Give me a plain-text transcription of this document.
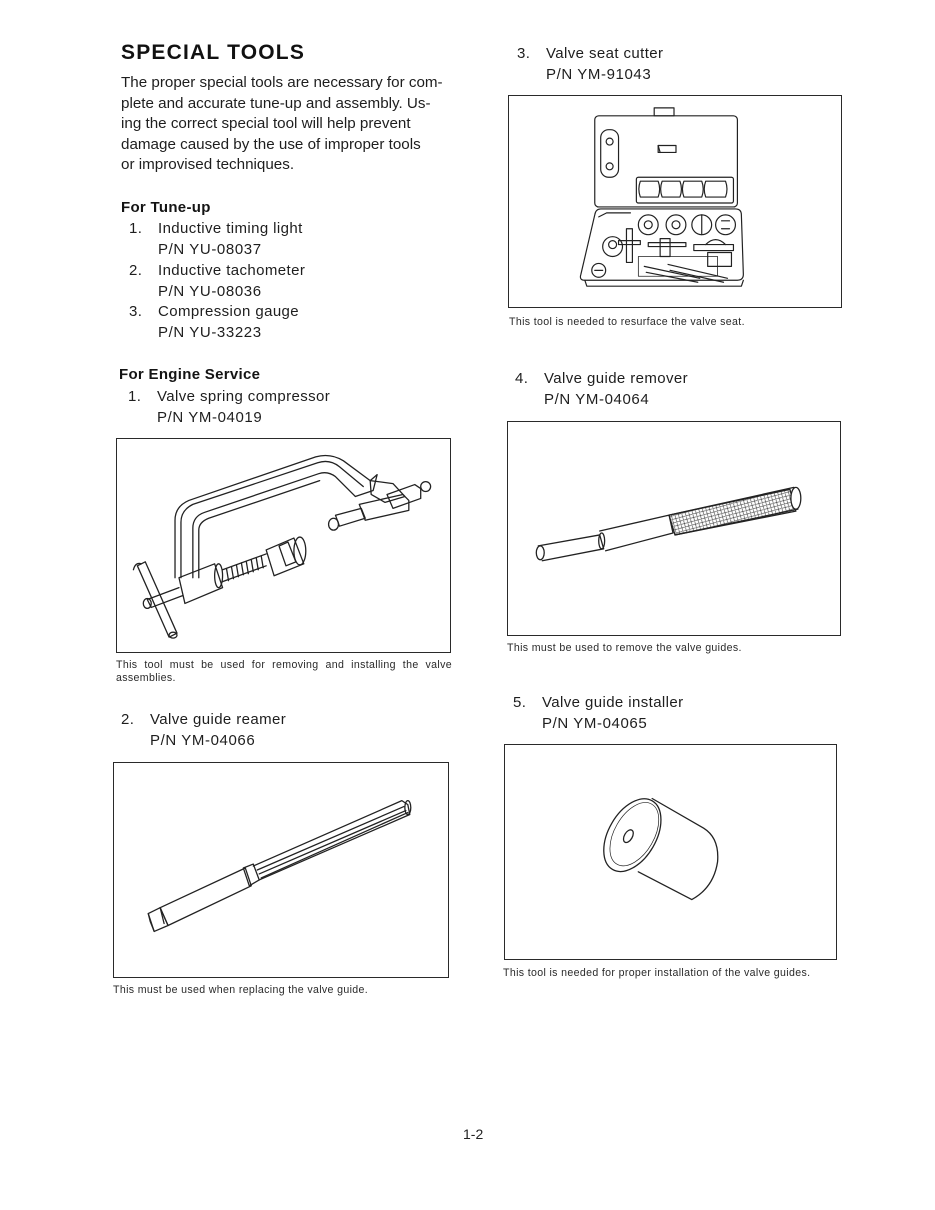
SPECIAL TOOLS
The proper special tools are necessary for com-
plete and accurate tune-up and assembly. Us-
ing the correct special tool will help prevent
damage caused by the use of improper tools
or improvised techniques.
For Tune-up
1. Inductive timing light
P/N YU-08037
2. Inductive tachometer
P/N YU-08036
3. Compression gauge
P/N YU-33223
For Engine Service
1. Valve spring compressor
P/N YM-04019
This tool must be used for removing and installing the valve
assemblies.
2. Valve guide reamer
P/N YM-04066
This must be used when replacing the valve guide.
3. Valve seat cutter
P/N YM-91043
This tool is needed to resurface the valve seat.
4. Valve guide remover
P/N YM-04064
This must be used to remove the valve guides.
5. Valve guide installer
P/N YM-04065
This tool is needed for proper installation of the valve guides.
1-2
